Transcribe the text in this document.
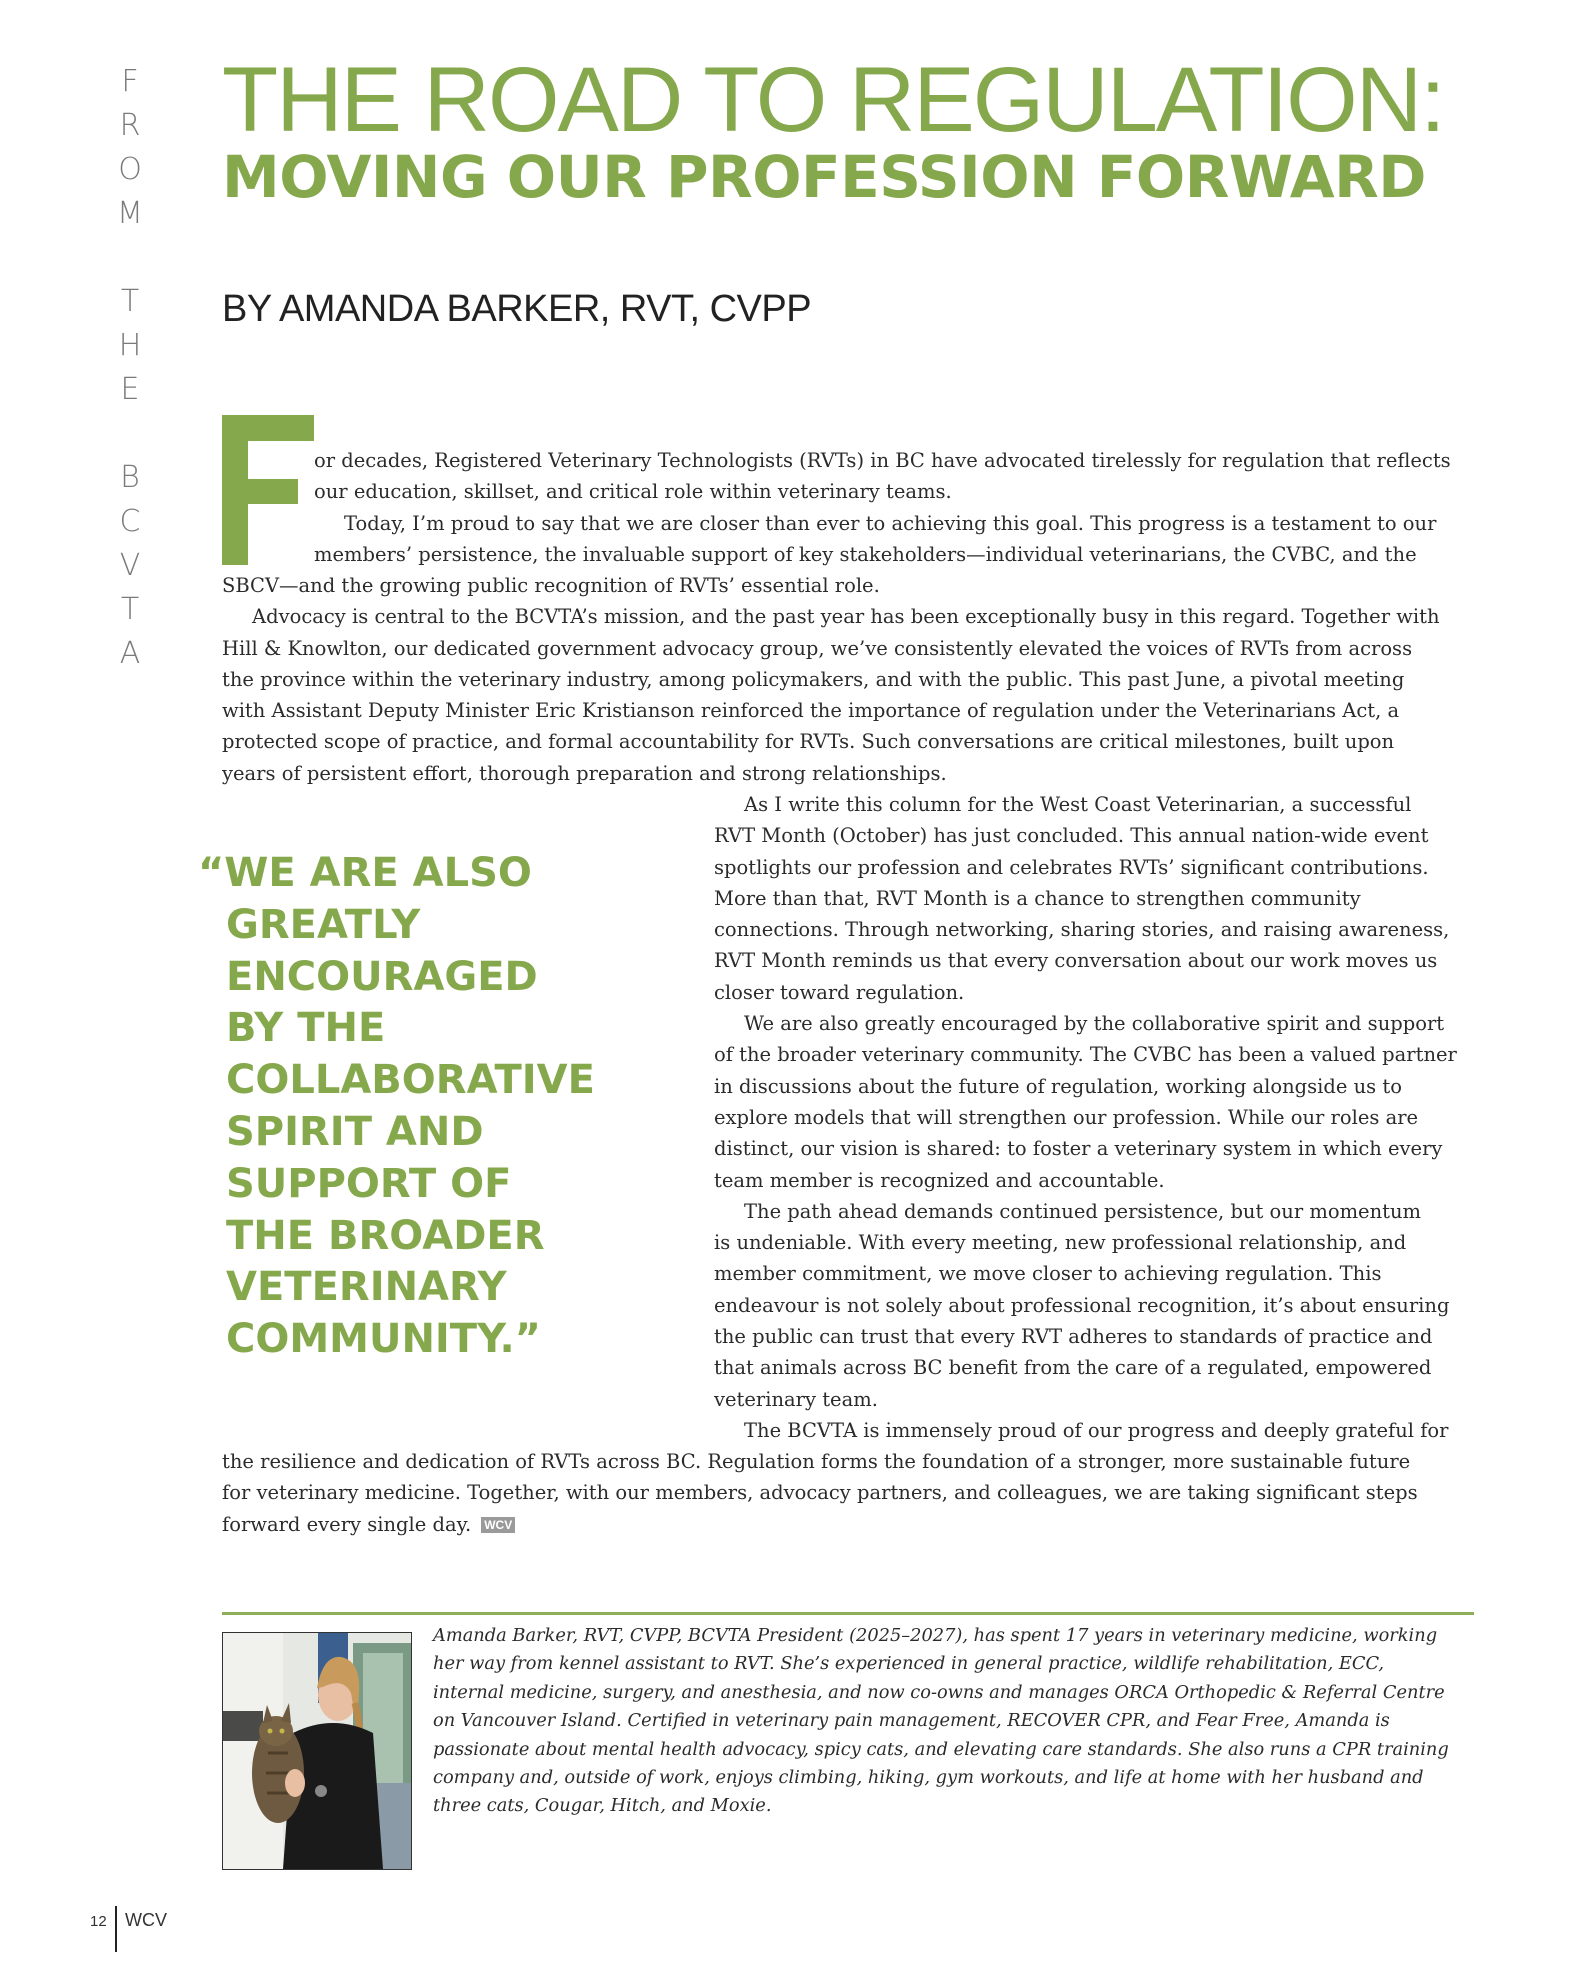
F
R
O
M
T
H
E
B
C
V
T
A
THE ROAD TO REGULATION:
MOVING OUR PROFESSION FORWARD
BY AMANDA BARKER, RVT, CVPP
or decades, Registered Veterinary Technologists (RVTs) in BC have advocated tirelessly for regulation that reflects
our education, skillset, and critical role within veterinary teams.
Today, I’m proud to say that we are closer than ever to achieving this goal. This progress is a testament to our
members’ persistence, the invaluable support of key stakeholders—individual veterinarians, the CVBC, and the
SBCV—and the growing public recognition of RVTs’ essential role.
Advocacy is central to the BCVTA’s mission, and the past year has been exceptionally busy in this regard. Together with
Hill & Knowlton, our dedicated government advocacy group, we’ve consistently elevated the voices of RVTs from across
the province within the veterinary industry, among policymakers, and with the public. This past June, a pivotal meeting
with Assistant Deputy Minister Eric Kristianson reinforced the importance of regulation under the Veterinarians Act, a
protected scope of practice, and formal accountability for RVTs. Such conversations are critical milestones, built upon
years of persistent effort, thorough preparation and strong relationships.
“WE ARE ALSO
GREATLY
ENCOURAGED
BY THE
COLLABORATIVE
SPIRIT AND
SUPPORT OF
THE BROADER
VETERINARY
COMMUNITY.”
As I write this column for the West Coast Veterinarian, a successful
RVT Month (October) has just concluded. This annual nation-wide event
spotlights our profession and celebrates RVTs’ significant contributions.
More than that, RVT Month is a chance to strengthen community
connections. Through networking, sharing stories, and raising awareness,
RVT Month reminds us that every conversation about our work moves us
closer toward regulation.
We are also greatly encouraged by the collaborative spirit and support
of the broader veterinary community. The CVBC has been a valued partner
in discussions about the future of regulation, working alongside us to
explore models that will strengthen our profession. While our roles are
distinct, our vision is shared: to foster a veterinary system in which every
team member is recognized and accountable.
The path ahead demands continued persistence, but our momentum
is undeniable. With every meeting, new professional relationship, and
member commitment, we move closer to achieving regulation. This
endeavour is not solely about professional recognition, it’s about ensuring
the public can trust that every RVT adheres to standards of practice and
that animals across BC benefit from the care of a regulated, empowered
veterinary team.
The BCVTA is immensely proud of our progress and deeply grateful for
the resilience and dedication of RVTs across BC. Regulation forms the foundation of a stronger, more sustainable future
for veterinary medicine. Together, with our members, advocacy partners, and colleagues, we are taking significant steps
forward every single day. WCV
Amanda Barker, RVT, CVPP, BCVTA President (2025–2027), has spent 17 years in veterinary medicine, working
her way from kennel assistant to RVT. She’s experienced in general practice, wildlife rehabilitation, ECC,
internal medicine, surgery, and anesthesia, and now co-owns and manages ORCA Orthopedic & Referral Centre
on Vancouver Island. Certified in veterinary pain management, RECOVER CPR, and Fear Free, Amanda is
passionate about mental health advocacy, spicy cats, and elevating care standards. She also runs a CPR training
company and, outside of work, enjoys climbing, hiking, gym workouts, and life at home with her husband and
three cats, Cougar, Hitch, and Moxie.
12 WCV
